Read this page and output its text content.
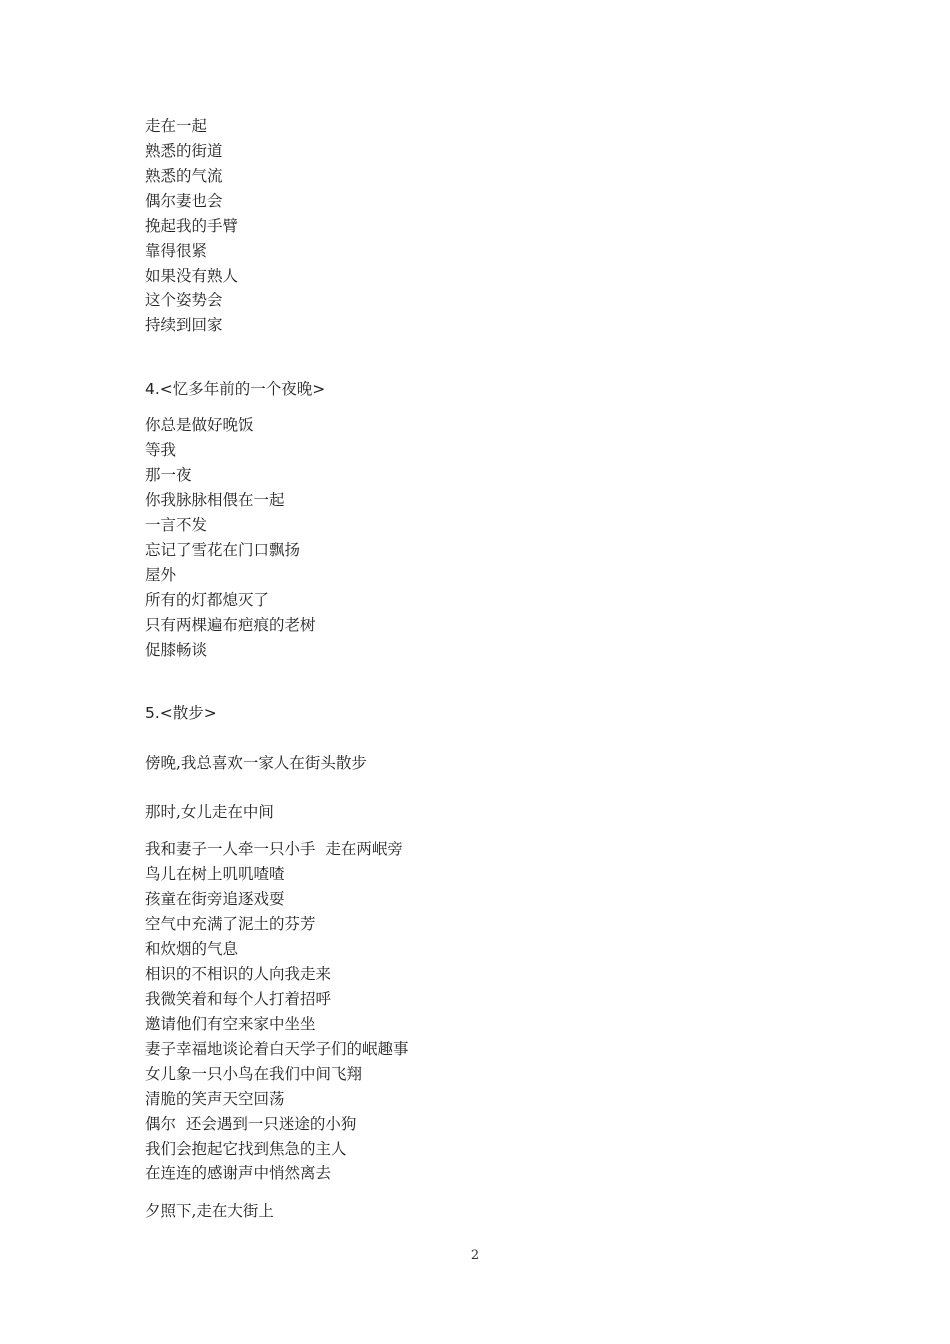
走在一起
熟悉的街道
熟悉的气流
偶尔妻也会
挽起我的手臂
靠得很紧
如果没有熟人
这个姿势会
持续到回家
4.<忆多年前的一个夜晚>
你总是做好晚饭
等我
那一夜
你我脉脉相偎在一起
一言不发
忘记了雪花在门口飘扬
屋外
所有的灯都熄灭了
只有两棵遍布疤痕的老树
促膝畅谈
5.<散步>
傍晚,我总喜欢一家人在街头散步
那时,女儿走在中间
我和妻子一人牵一只小手  走在两岷旁
鸟儿在树上叽叽喳喳
孩童在街旁追逐戏耍
空气中充满了泥土的芬芳
和炊烟的气息
相识的不相识的人向我走来
我微笑着和每个人打着招呼
邀请他们有空来家中坐坐
妻子幸福地谈论着白天学子们的岷趣事
女儿象一只小鸟在我们中间飞翔
清脆的笑声天空回荡
偶尔  还会遇到一只迷途的小狗
我们会抱起它找到焦急的主人
在连连的感谢声中悄然离去
夕照下,走在大街上
2
